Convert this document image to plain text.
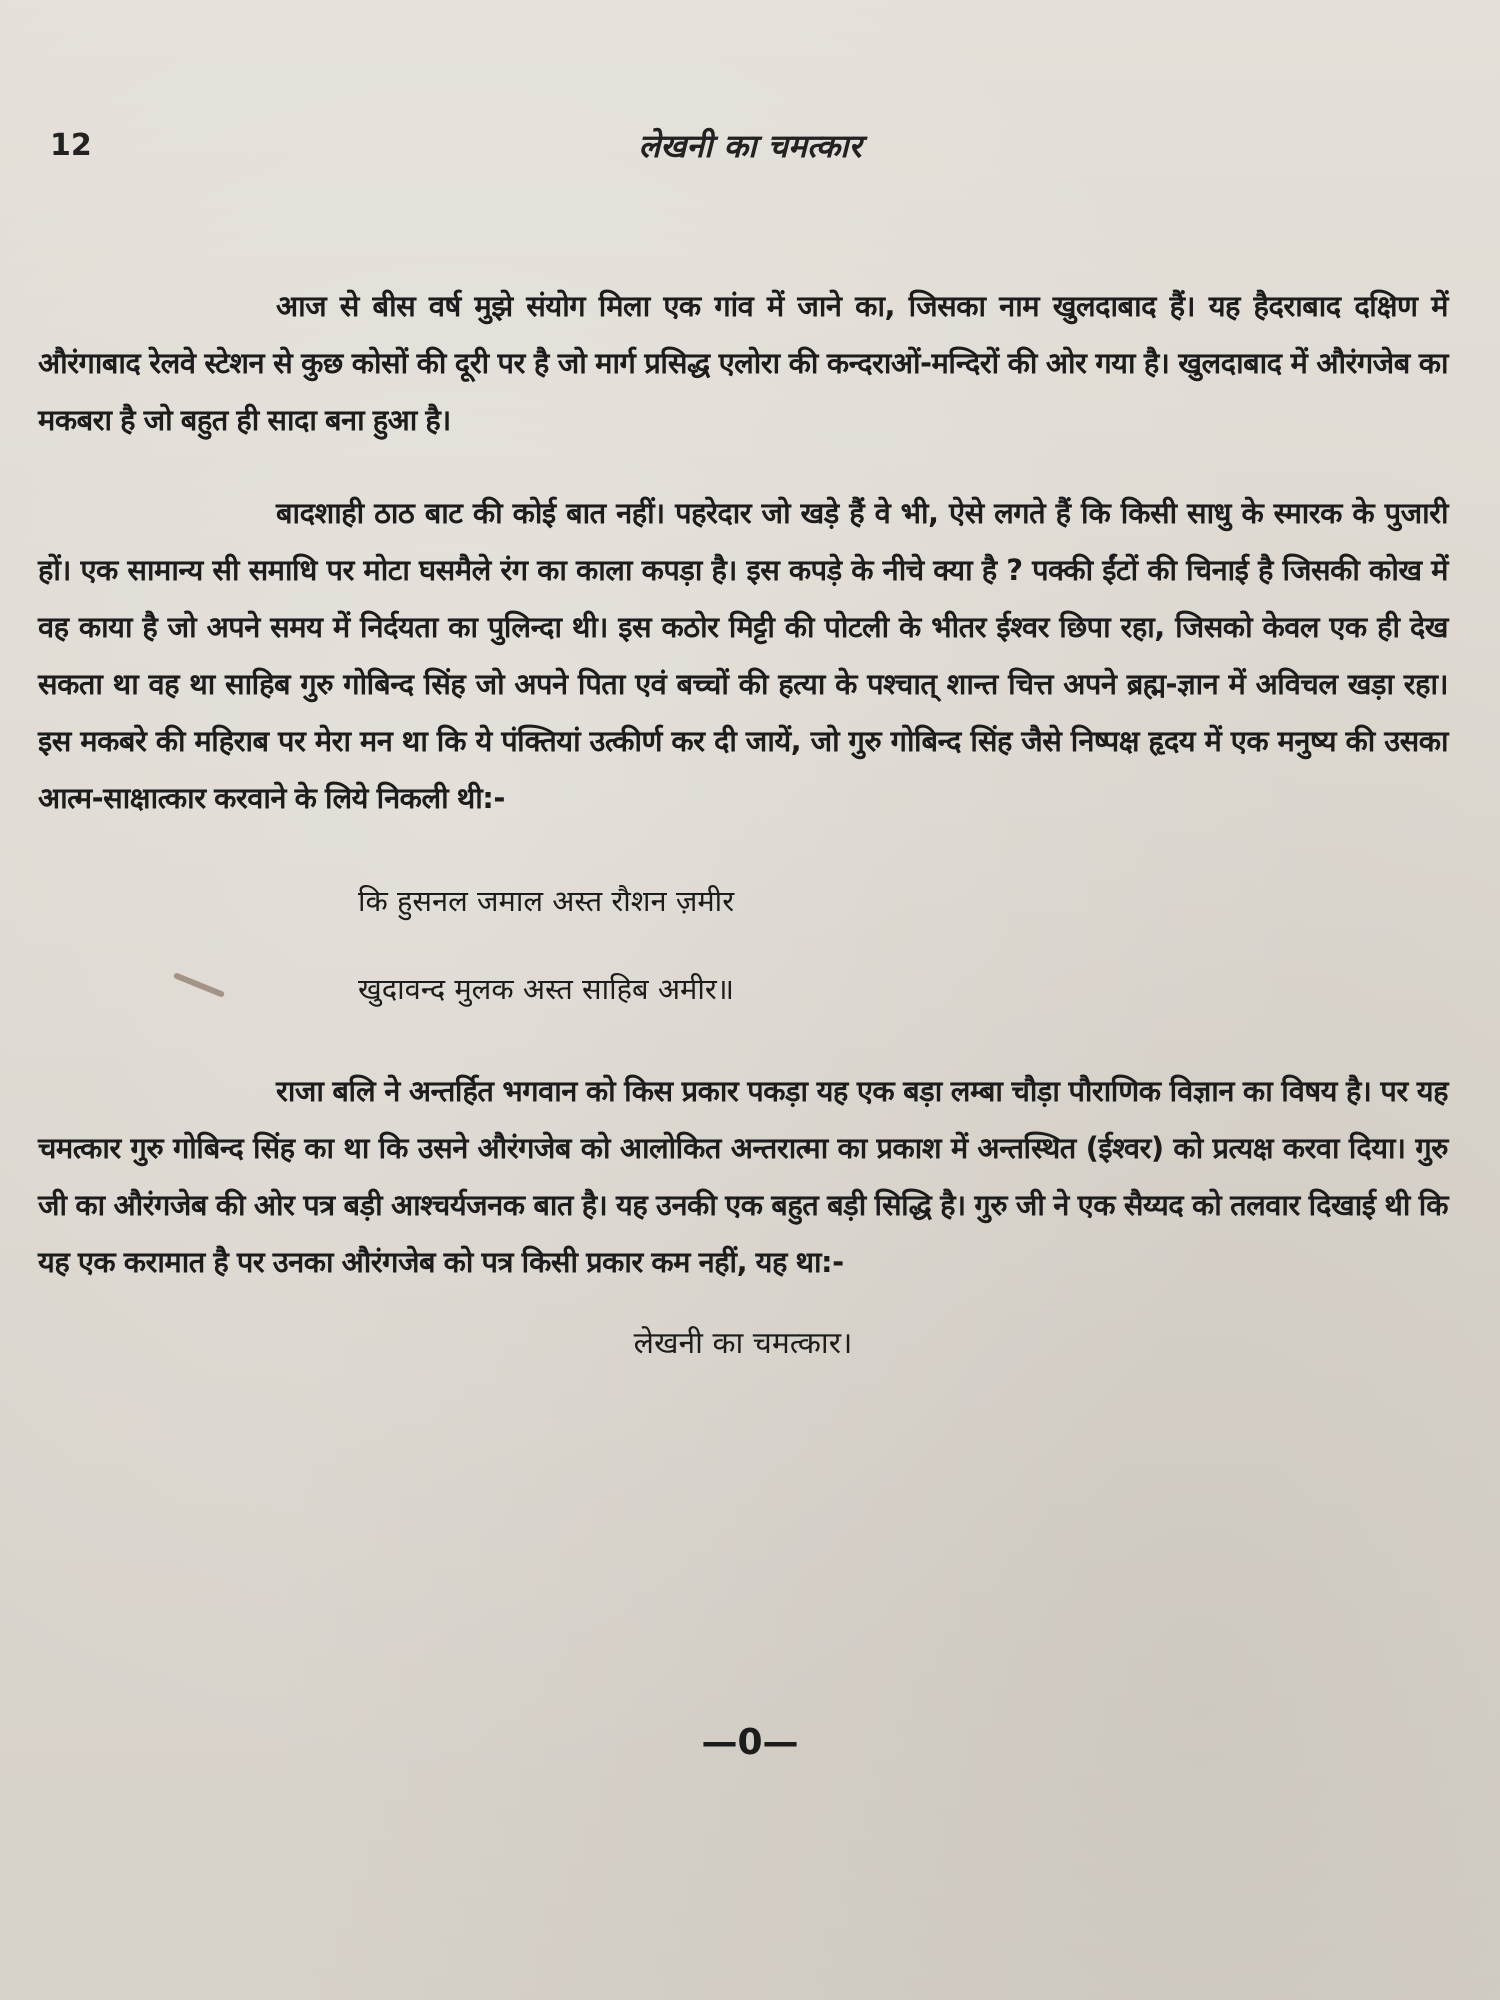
12	लेखनी का चमत्कार

आज से बीस वर्ष मुझे संयोग मिला एक गांव में जाने का, जिसका नाम खुलदाबाद हैं। यह हैदराबाद दक्षिण में औरंगाबाद रेलवे स्टेशन से कुछ कोसों की दूरी पर है जो मार्ग प्रसिद्ध एलोरा की कन्दराओं-मन्दिरों की ओर गया है। खुलदाबाद में औरंगजेब का मकबरा है जो बहुत ही सादा बना हुआ है।

बादशाही ठाठ बाट की कोई बात नहीं। पहरेदार जो खड़े हैं वे भी, ऐसे लगते हैं कि किसी साधु के स्मारक के पुजारी हों। एक सामान्य सी समाधि पर मोटा घसमैले रंग का काला कपड़ा है। इस कपड़े के नीचे क्या है ? पक्की ईंटों की चिनाई है जिसकी कोख में वह काया है जो अपने समय में निर्दयता का पुलिन्दा थी। इस कठोर मिट्टी की पोटली के भीतर ईश्वर छिपा रहा, जिसको केवल एक ही देख सकता था वह था साहिब गुरु गोबिन्द सिंह जो अपने पिता एवं बच्चों की हत्या के पश्चात् शान्त चित्त अपने ब्रह्म-ज्ञान में अविचल खड़ा रहा। इस मकबरे की महिराब पर मेरा मन था कि ये पंक्तियां उत्कीर्ण कर दी जायें, जो गुरु गोबिन्द सिंह जैसे निष्पक्ष हृदय में एक मनुष्य की उसका आत्म-साक्षात्कार करवाने के लिये निकली थी:-

कि हुसनल जमाल अस्त रौशन ज़मीर
खुदावन्द मुलक अस्त साहिब अमीर॥

राजा बलि ने अन्तर्हित भगवान को किस प्रकार पकड़ा यह एक बड़ा लम्बा चौड़ा पौराणिक विज्ञान का विषय है। पर यह चमत्कार गुरु गोबिन्द सिंह का था कि उसने औरंगजेब को आलोकित अन्तरात्मा का प्रकाश में अन्तस्थित (ईश्वर) को प्रत्यक्ष करवा दिया। गुरु जी का औरंगजेब की ओर पत्र बड़ी आश्चर्यजनक बात है। यह उनकी एक बहुत बड़ी सिद्धि है। गुरु जी ने एक सैय्यद को तलवार दिखाई थी कि यह एक करामात है पर उनका औरंगजेब को पत्र किसी प्रकार कम नहीं, यह था:-

लेखनी का चमत्कार।
—0—
